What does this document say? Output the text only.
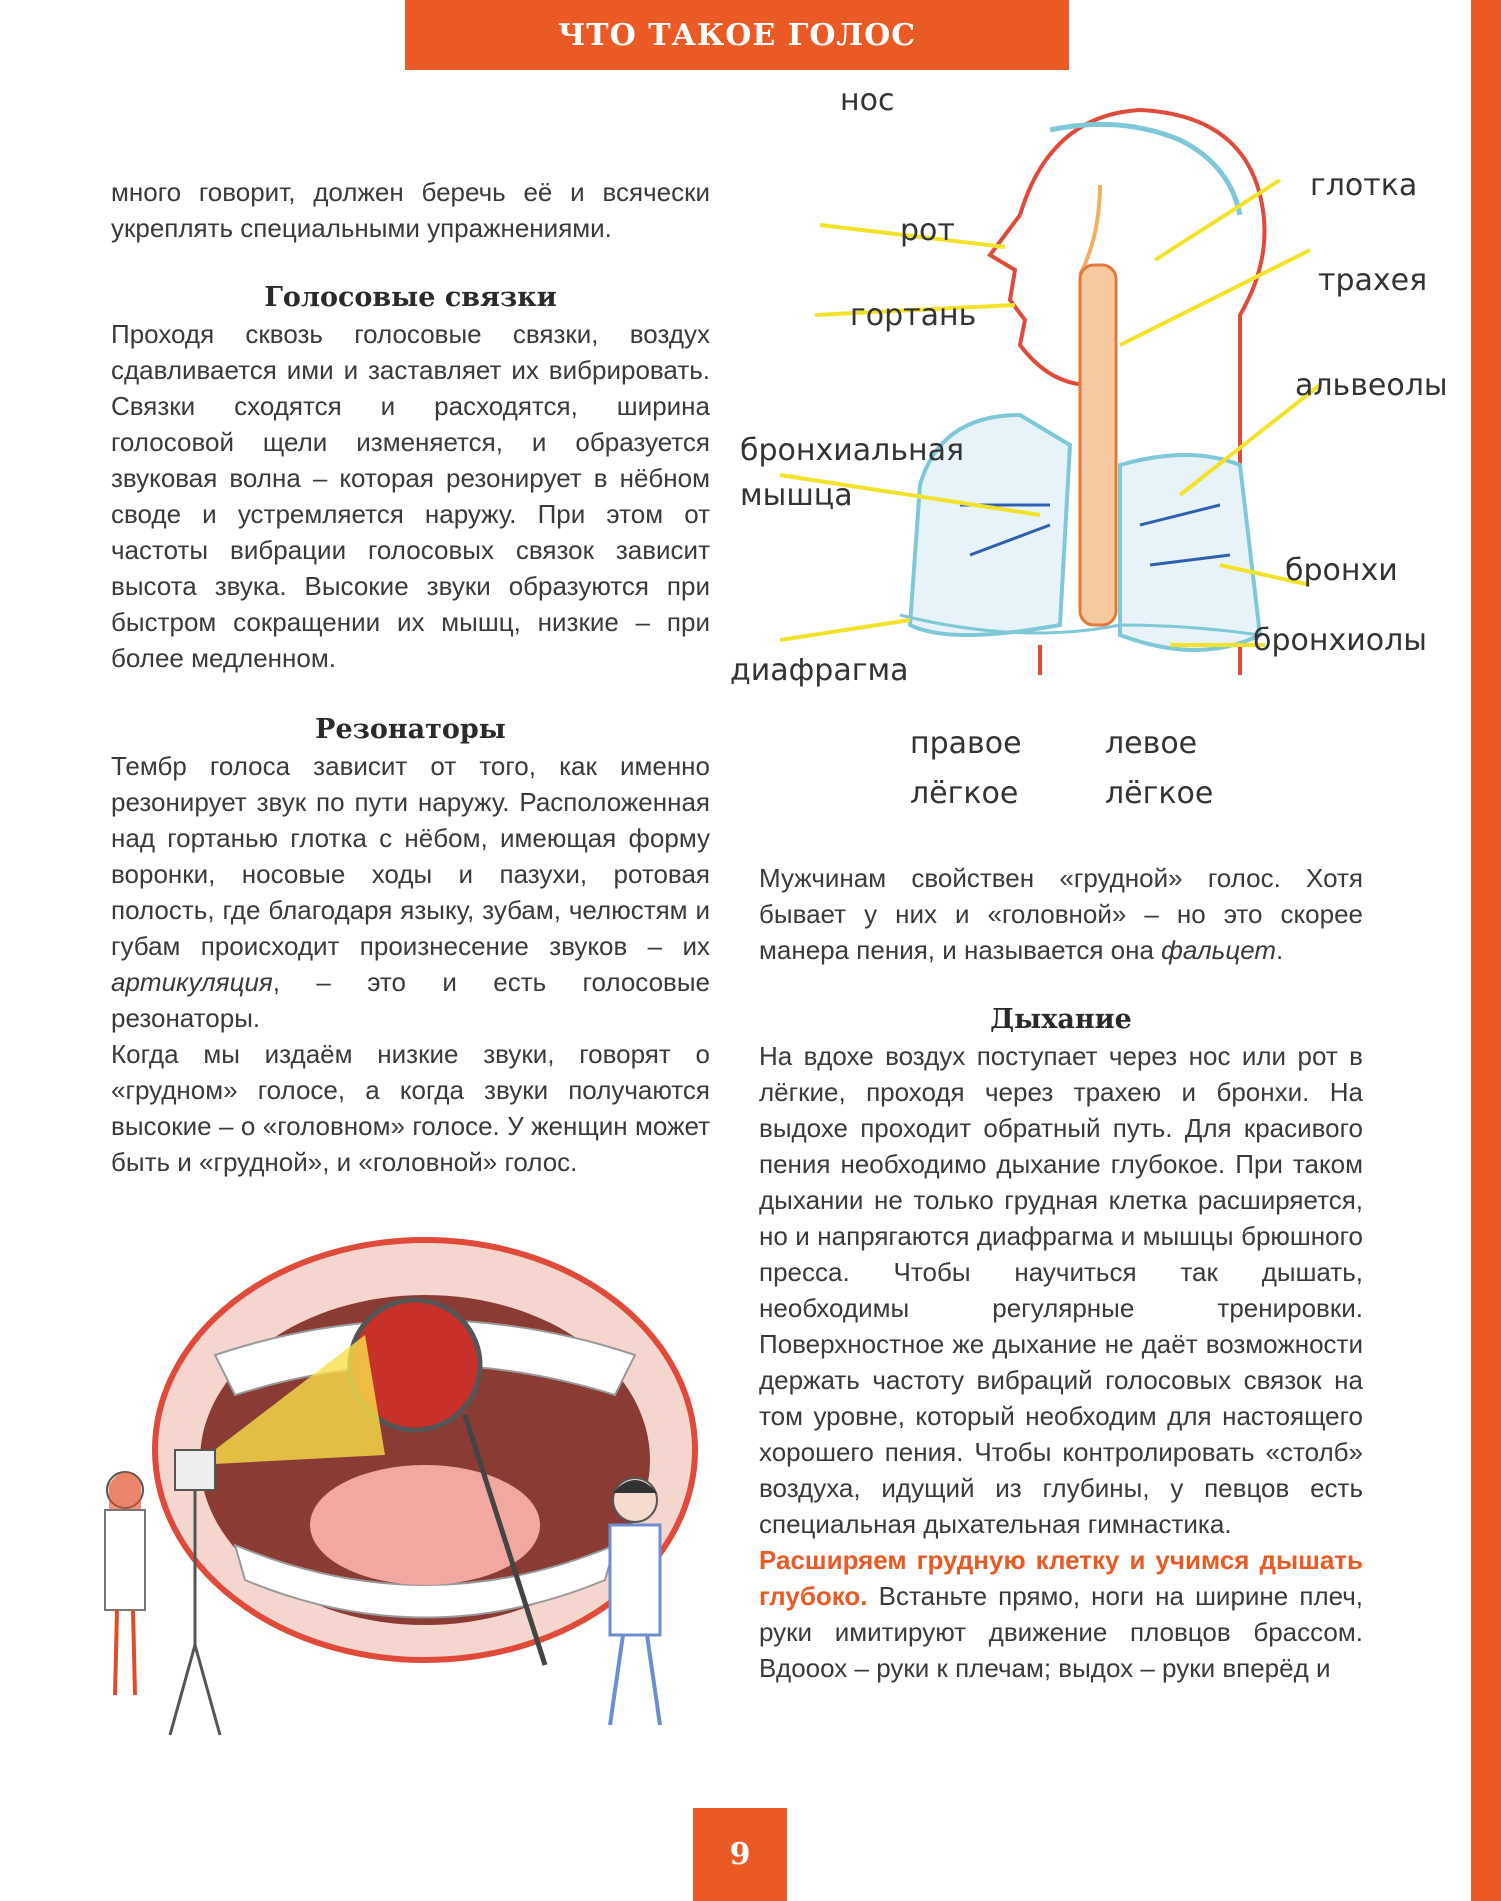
ЧТО ТАКОЕ ГОЛОС

много говорит, должен беречь её и всячески укреплять специальными упражнениями.

Голосовые связки

Проходя сквозь голосовые связки, воздух сдавливается ими и заставляет их вибрировать. Связки сходятся и расходятся, ширина голосовой щели изменяется, и образуется звуковая волна – которая резонирует в нёбном своде и устремляется наружу. При этом от частоты вибрации голосовых связок зависит высота звука. Высокие звуки образуются при быстром сокращении их мышц, низкие – при более медленном.

Резонаторы

Тембр голоса зависит от того, как именно резонирует звук по пути наружу. Расположенная над гортанью глотка с нёбом, имеющая форму воронки, носовые ходы и пазухи, ротовая полость, где благодаря языку, зубам, челюстям и губам происходит произнесение звуков – их артикуляция, – это и есть голосовые резонаторы.

Когда мы издаём низкие звуки, говорят о «грудном» голосе, а когда звуки получаются высокие – о «головном» голосе. У женщин может быть и «грудной», и «головной» голос.

нос
глотка
рот
трахея
гортань
альвеолы
бронхиальная
мышца
бронхи
бронхиолы
диафрагма
правое
лёгкое
левое
лёгкое

Мужчинам свойствен «грудной» голос. Хотя бывает у них и «головной» – но это скорее манера пения, и называется она фальцет.

Дыхание

На вдохе воздух поступает через нос или рот в лёгкие, проходя через трахею и бронхи. На выдохе проходит обратный путь. Для красивого пения необходимо дыхание глубокое. При таком дыхании не только грудная клетка расширяется, но и напрягаются диафрагма и мышцы брюшного пресса. Чтобы научиться так дышать, необходимы регулярные тренировки. Поверхностное же дыхание не даёт возможности держать частоту вибраций голосовых связок на том уровне, который необходим для настоящего хорошего пения. Чтобы контролировать «столб» воздуха, идущий из глубины, у певцов есть специальная дыхательная гимнастика.

Расширяем грудную клетку и учимся дышать глубоко. Встаньте прямо, ноги на ширине плеч, руки имитируют движение пловцов брассом. Вдооох – руки к плечам; выдох – руки вперёд и

9
